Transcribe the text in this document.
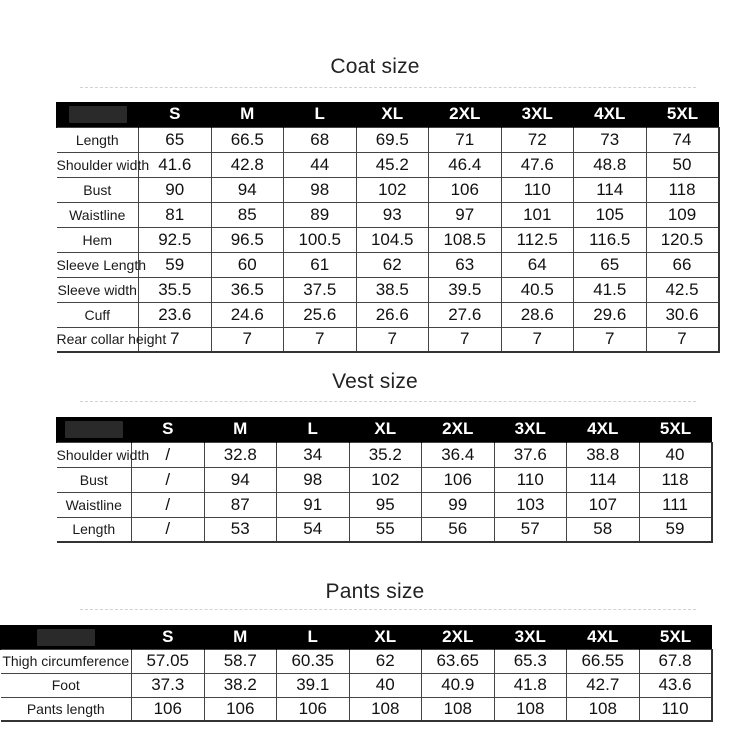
Coat size
	S	M	L	XL	2XL	3XL	4XL	5XL
Length	65	66.5	68	69.5	71	72	73	74
Shoulder width	41.6	42.8	44	45.2	46.4	47.6	48.8	50
Bust	90	94	98	102	106	110	114	118
Waistline	81	85	89	93	97	101	105	109
Hem	92.5	96.5	100.5	104.5	108.5	112.5	116.5	120.5
Sleeve Length	59	60	61	62	63	64	65	66
Sleeve width	35.5	36.5	37.5	38.5	39.5	40.5	41.5	42.5
Cuff	23.6	24.6	25.6	26.6	27.6	28.6	29.6	30.6
Rear collar height	7	7	7	7	7	7	7	7
Vest size
	S	M	L	XL	2XL	3XL	4XL	5XL
Shoulder width	/	32.8	34	35.2	36.4	37.6	38.8	40
Bust	/	94	98	102	106	110	114	118
Waistline	/	87	91	95	99	103	107	111
Length	/	53	54	55	56	57	58	59
Pants size
	S	M	L	XL	2XL	3XL	4XL	5XL
Thigh circumference	57.05	58.7	60.35	62	63.65	65.3	66.55	67.8
Foot	37.3	38.2	39.1	40	40.9	41.8	42.7	43.6
Pants length	106	106	106	108	108	108	108	110
